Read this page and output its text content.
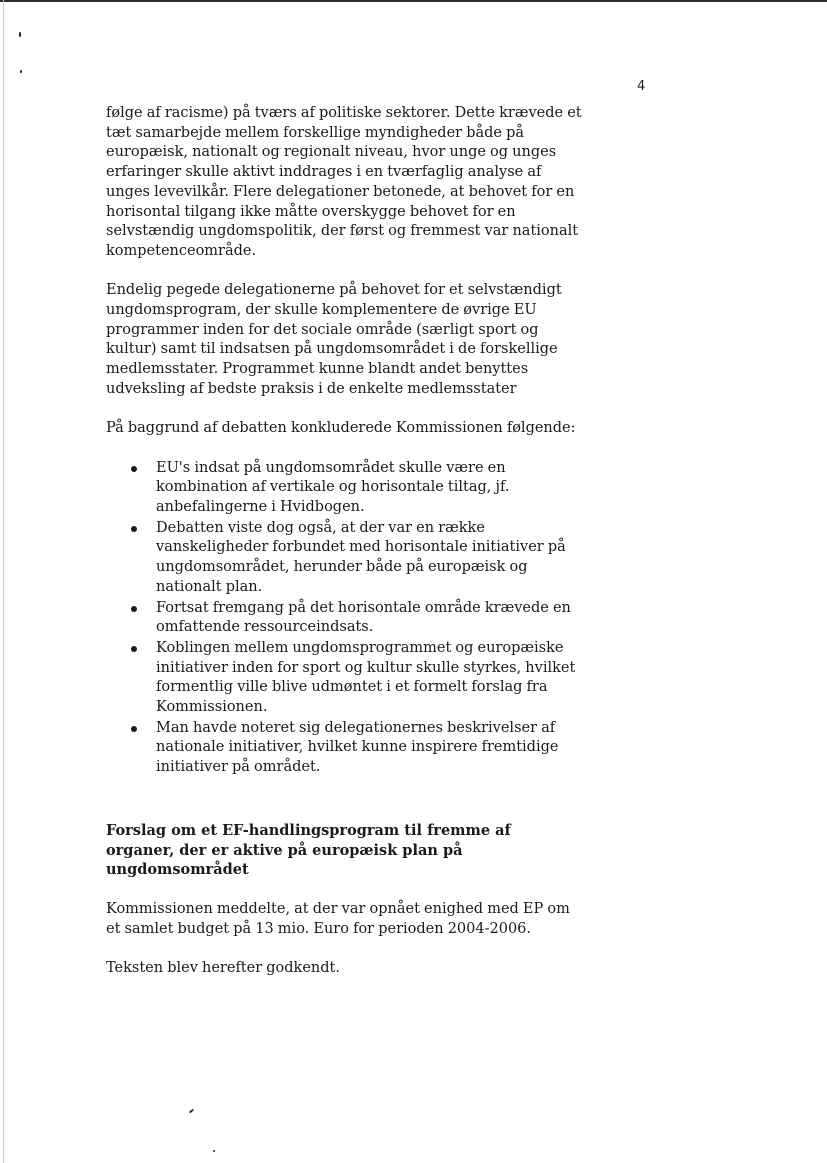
4

følge af racisme) på tværs af politiske sektorer. Dette krævede et tæt samarbejde mellem forskellige myndigheder både på europæisk, nationalt og regionalt niveau, hvor unge og unges erfaringer skulle aktivt inddrages i en tværfaglig analyse af unges levevilkår. Flere delegationer betonede, at behovet for en horisontal tilgang ikke måtte overskygge behovet for en selvstændig ungdomspolitik, der først og fremmest var nationalt kompetenceområde.

Endelig pegede delegationerne på behovet for et selvstændigt ungdomsprogram, der skulle komplementere de øvrige EU programmer inden for det sociale område (særligt sport og kultur) samt til indsatsen på ungdomsområdet i de forskellige medlemsstater. Programmet kunne blandt andet benyttes udveksling af bedste praksis i de enkelte medlemsstater

På baggrund af debatten konkluderede Kommissionen følgende:

EU's indsat på ungdomsområdet skulle være en kombination af vertikale og horisontale tiltag, jf. anbefalingerne i Hvidbogen.
Debatten viste dog også, at der var en række vanskeligheder forbundet med horisontale initiativer på ungdomsområdet, herunder både på europæisk og nationalt plan.
Fortsat fremgang på det horisontale område krævede en omfattende ressourceindsats.
Koblingen mellem ungdomsprogrammet og europæiske initiativer inden for sport og kultur skulle styrkes, hvilket formentlig ville blive udmøntet i et formelt forslag fra Kommissionen.
Man havde noteret sig delegationernes beskrivelser af nationale initiativer, hvilket kunne inspirere fremtidige initiativer på området.
Forslag om et EF-handlingsprogram til fremme af organer, der er aktive på europæisk plan på ungdomsområdet

Kommissionen meddelte, at der var opnået enighed med EP om et samlet budget på 13 mio. Euro for perioden 2004-2006.

Teksten blev herefter godkendt.
